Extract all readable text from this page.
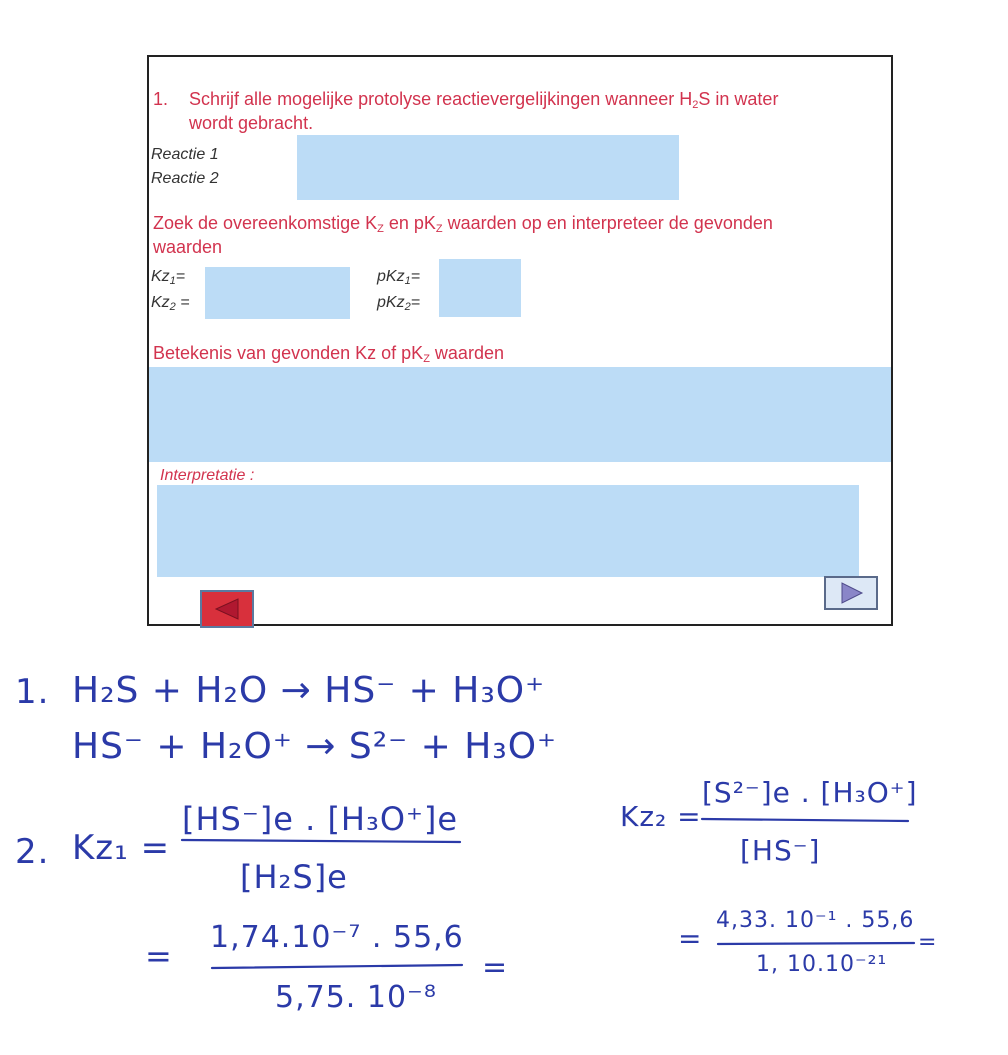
1. Schrijf alle mogelijke protolyse reactievergelijkingen wanneer $H_2S$ in water
wordt gebracht.
Reactie 1
Reactie 2
Zoek de overeenkomstige $K_Z$ en $pK_Z$ waarden op en interpreteer de gevonden
waarden
$Kz_1=$
$Kz_2$ =
pKz$_1$=
pKz$_2$=
Betekenis van gevonden Kz of $pK_Z$ waarden
Interpretatie :
1. H₂S + H₂O → HS⁻ + H₃O⁺
HS⁻ + H₂O⁺ → S²⁻ + H₃O⁺
2. Kz₁ =
[HS⁻]e . [H₃O⁺]e
[H₂S]e
= 1,74.10⁻⁷ . 55,6
5,75. 10⁻⁸
=
Kz₂ =
[S²⁻]e . [H₃O⁺]
[HS⁻]
=
4,33. 10⁻¹ . 55,6
1, 10.10⁻²¹
=
